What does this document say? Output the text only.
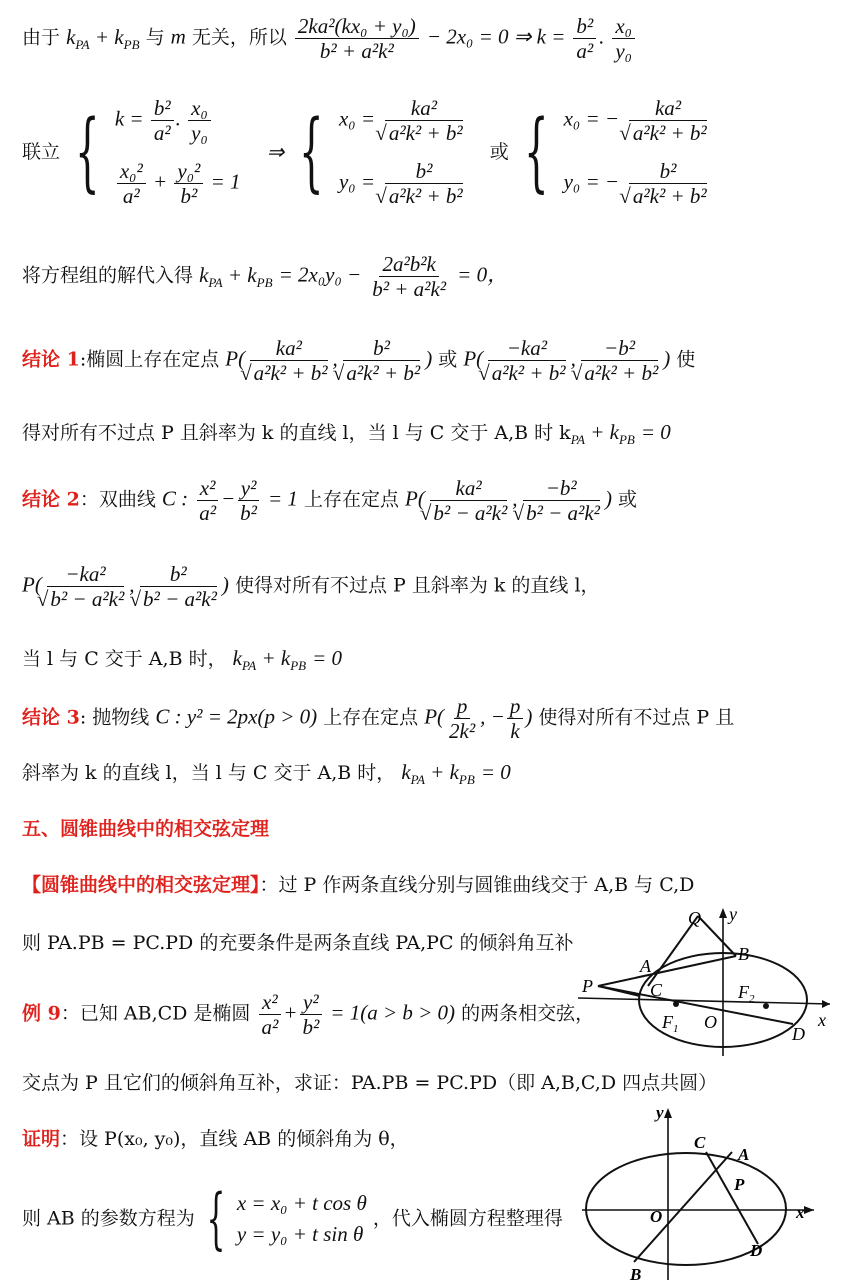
由于 $k_{PA} + k_{PB}$ 与 m 无关，所以 $\frac{\text{2ka²(kx₀ + y₀)}}{\text{b² + a²k²}} - 2x_0 = 0$ ⇒ $k = \frac{\text{b²}}{\text{a²}}$ . $\frac{\text{x₀}}{\text{y₀}}$
联立 { $k = \frac{\text{b²}}{\text{a²}}$ . $\frac{\text{x₀}}{\text{y₀}}$
$\frac{\text{x₀²}}{\text{a²}} + \frac{\text{y₀²}}{\text{b²}} = 1$
⇒ { x₀ = ka²
√ a²k² + b²
y₀ = b²
√ a²k² + b²
或 { x₀ = − ka²
√ a²k² + b²
y₀ = − b²
√ a²k² + b²
将方程组的解代入得 $k_{PA} + k_{PB} = 2x_0y_0 - \frac{\text{2a²b²k}}{\text{b² + a²k²}} = 0$，
结论 1:椭圆上存在定点 P( ka²
√ a²k² + b² , b²
√ a²k² + b² ) 或 P( −ka²
√ a²k² + b² , −b²
√ a²k² + b² ) 使
得对所有不过点 P 且斜率为 k 的直线 l，当 l 与 C 交于 A,B 时 $k_{PA} + k_{PB} = 0$
结论 2：双曲线 C : $\frac{\text{x²}}{\text{a²}} - \frac{\text{y²}}{\text{b²}} = 1$ 上存在定点 P( ka²
√ b² − a²k² , −b²
√ b² − a²k² ) 或
P( −ka²
√ b² − a²k² , b²
√ b² − a²k² ) 使得对所有不过点 P 且斜率为 k 的直线 l，
当 l 与 C 交于 A,B 时， $k_{PA} + k_{PB} = 0$
结论 3: 抛物线 C : y² = 2px(p > 0) 上存在定点 $P( \frac{p}{\text{2k²}}$ , − $\frac{p}{k}$ ) 使得对所有不过点 P 且
斜率为 k 的直线 l，当 l 与 C 交于 A,B 时， $k_{PA} + k_{PB} = 0$
五、圆锥曲线中的相交弦定理
【圆锥曲线中的相交弦定理】：过 P 作两条直线分别与圆锥曲线交于 A,B 与 C,D
则 PA.PB = PC.PD 的充要条件是两条直线 PA,PC 的倾斜角互补
例 9：已知 AB,CD 是椭圆 $\frac{\text{x²}}{\text{a²}} + \frac{\text{y²}}{\text{b²}} = 1(a > b > 0)$ 的两条相交弦，
交点为 P 且它们的倾斜角互补，求证：PA.PB = PC.PD（即 A,B,C,D 四点共圆）
证明：设 P(x₀, y₀)，直线 AB 的倾斜角为 θ，
则 AB 的参数方程为 { x = x₀ + t cos θ
y = y₀ + t sin θ
，代入椭圆方程整理得
Q y
B
A
P	C	$F_2$
$F_1$ O
D
x
y
C
A
P
O	x
B
D
